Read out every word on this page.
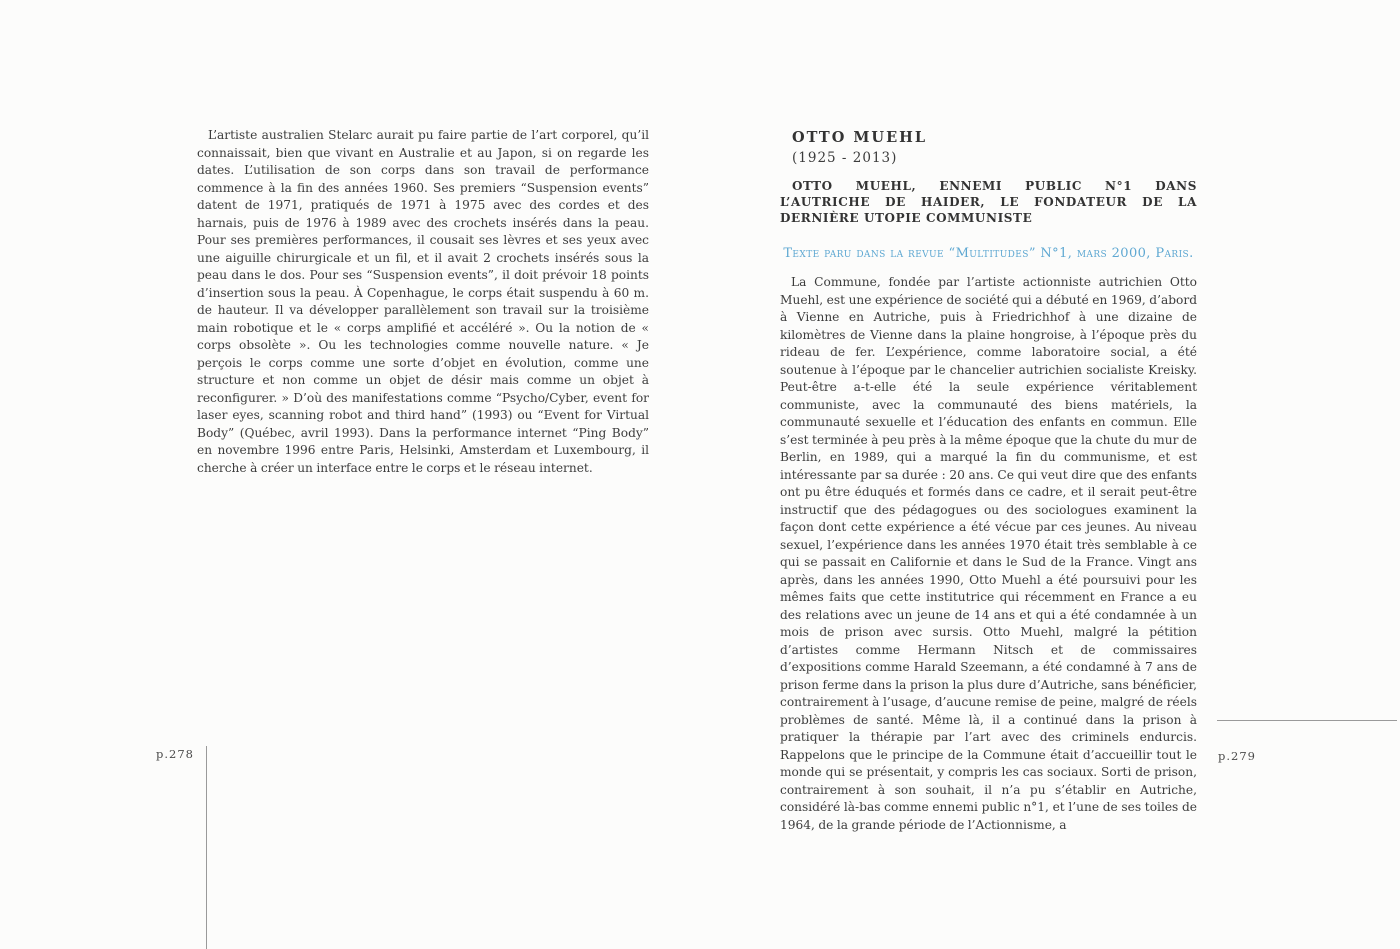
L’artiste australien Stelarc aurait pu faire partie de l’art corporel, qu’il connaissait, bien que vivant en Australie et au Japon, si on regarde les dates. L’utilisation de son corps dans son travail de performance commence à la fin des années 1960. Ses premiers “Suspension events” datent de 1971, pratiqués de 1971 à 1975 avec des cordes et des harnais, puis de 1976 à 1989 avec des crochets insérés dans la peau. Pour ses premières performances, il cousait ses lèvres et ses yeux avec une aiguille chirurgicale et un fil, et il avait 2 crochets insérés sous la peau dans le dos. Pour ses “Suspension events”, il doit prévoir 18 points d’insertion sous la peau. À Copenhague, le corps était suspendu à 60 m. de hauteur. Il va développer parallèlement son travail sur la troisième main robotique et le « corps amplifié et accéléré ». Ou la notion de « corps obsolète ». Ou les technologies comme nouvelle nature. « Je perçois le corps comme une sorte d’objet en évolution, comme une structure et non comme un objet de désir mais comme un objet à reconfigurer. » D’où des manifestations comme “Psycho/Cyber, event for laser eyes, scanning robot and third hand” (1993) ou “Event for Virtual Body” (Québec, avril 1993). Dans la performance internet “Ping Body” en novembre 1996 entre Paris, Helsinki, Amsterdam et Luxembourg, il cherche à créer un interface entre le corps et le réseau internet.

p.278
OTTO MUEHL
(1925 - 2013)
OTTO MUEHL, ENNEMI PUBLIC N°1 DANS L’AUTRICHE DE HAIDER, LE FONDATEUR DE LA DERNIÈRE UTOPIE COMMUNISTE
Texte paru dans la revue “Multitudes” N°1, mars 2000, Paris.

La Commune, fondée par l’artiste actionniste autrichien Otto Muehl, est une expérience de société qui a débuté en 1969, d’abord à Vienne en Autriche, puis à Friedrichhof à une dizaine de kilomètres de Vienne dans la plaine hongroise, à l’époque près du rideau de fer. L’expérience, comme laboratoire social, a été soutenue à l’époque par le chancelier autrichien socialiste Kreisky. Peut-être a-t-elle été la seule expérience véritablement communiste, avec la communauté des biens matériels, la communauté sexuelle et l’éducation des enfants en commun. Elle s’est terminée à peu près à la même époque que la chute du mur de Berlin, en 1989, qui a marqué la fin du communisme, et est intéressante par sa durée : 20 ans. Ce qui veut dire que des enfants ont pu être éduqués et formés dans ce cadre, et il serait peut-être instructif que des pédagogues ou des sociologues examinent la façon dont cette expérience a été vécue par ces jeunes. Au niveau sexuel, l’expérience dans les années 1970 était très semblable à ce qui se passait en Californie et dans le Sud de la France. Vingt ans après, dans les années 1990, Otto Muehl a été poursuivi pour les mêmes faits que cette institutrice qui récemment en France a eu des relations avec un jeune de 14 ans et qui a été condamnée à un mois de prison avec sursis. Otto Muehl, malgré la pétition d’artistes comme Hermann Nitsch et de commissaires d’expositions comme Harald Szeemann, a été condamné à 7 ans de prison ferme dans la prison la plus dure d’Autriche, sans bénéficier, contrairement à l’usage, d’aucune remise de peine, malgré de réels problèmes de santé. Même là, il a continué dans la prison à pratiquer la thérapie par l’art avec des criminels endurcis. Rappelons que le principe de la Commune était d’accueillir tout le monde qui se présentait, y compris les cas sociaux. Sorti de prison, contrairement à son souhait, il n’a pu s’établir en Autriche, considéré là-bas comme ennemi public n°1, et l’une de ses toiles de 1964, de la grande période de l’Actionnisme, a

p.279
